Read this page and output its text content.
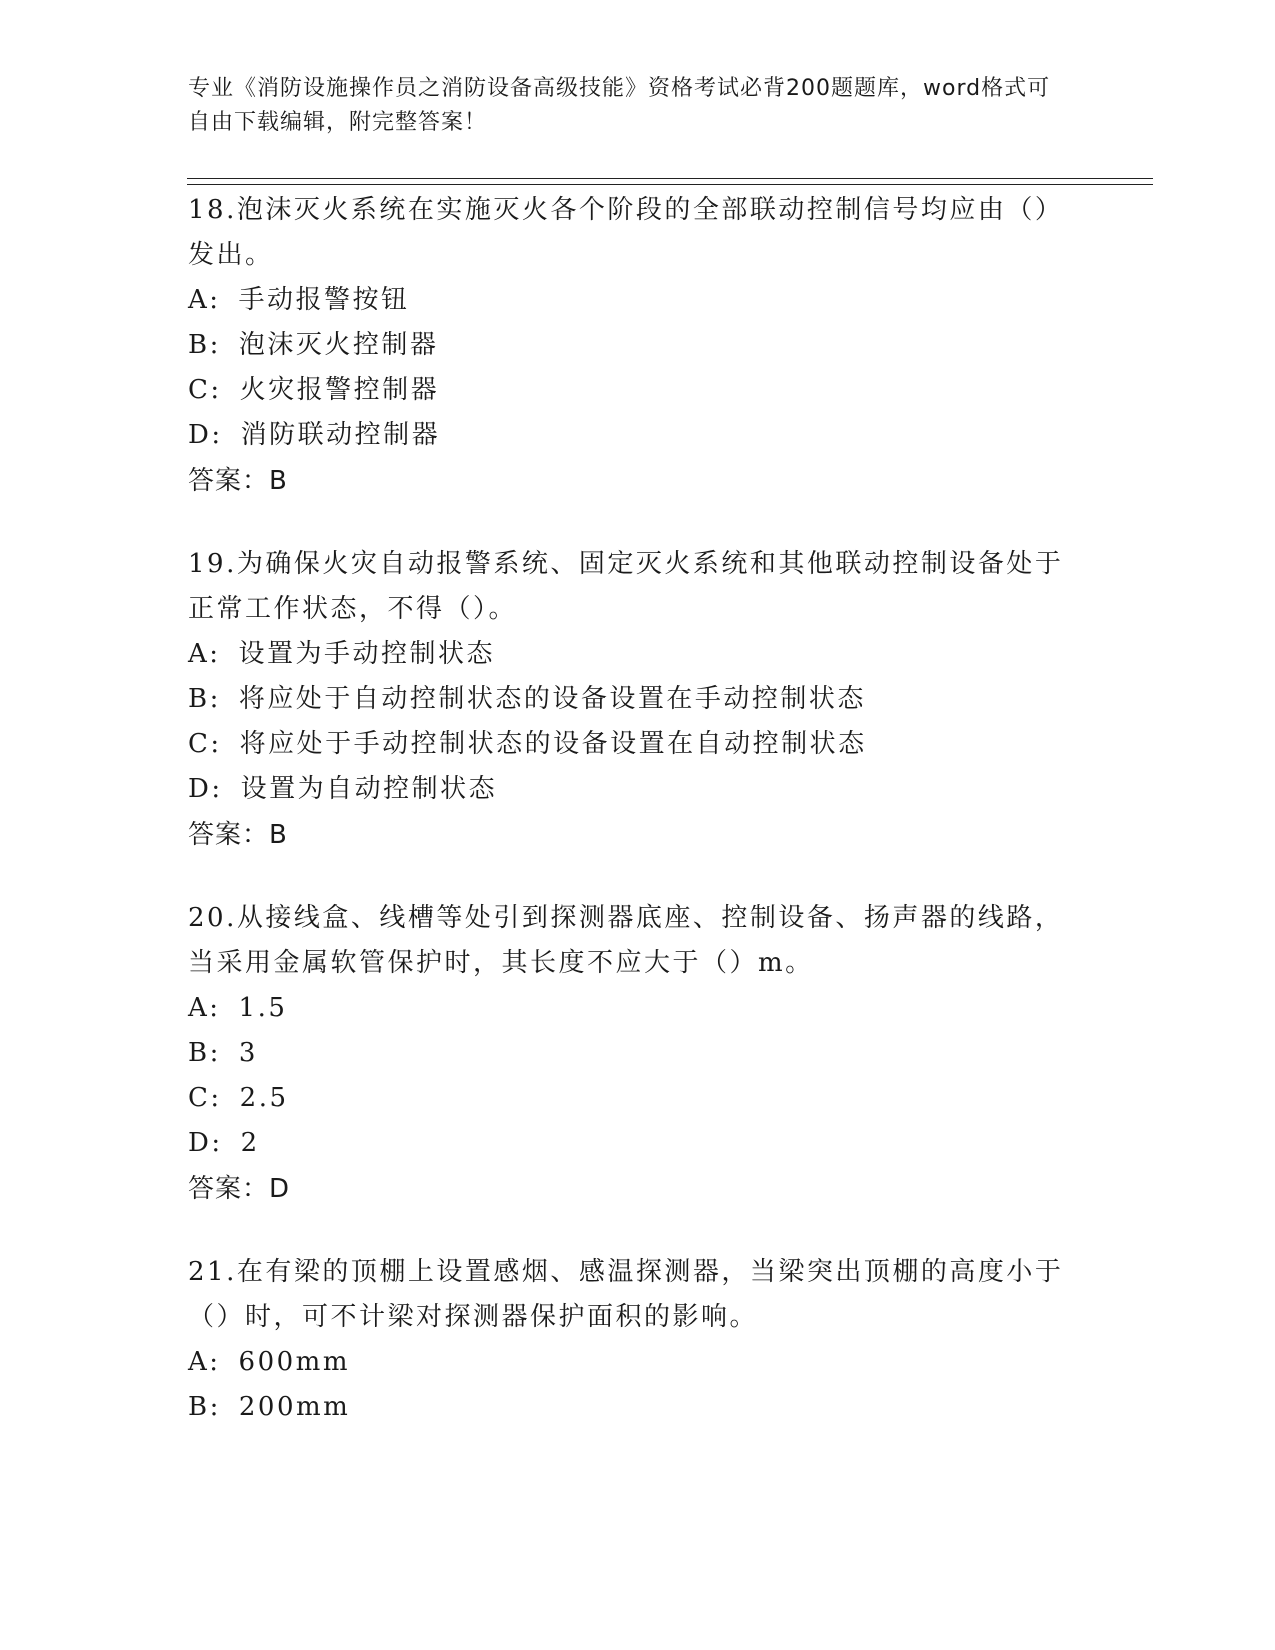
专业《消防设施操作员之消防设备高级技能》资格考试必背200题题库，word格式可自由下载编辑，附完整答案！

18.泡沫灭火系统在实施灭火各个阶段的全部联动控制信号均应由（）发出。

A: 手动报警按钮
B: 泡沫灭火控制器
C: 火灾报警控制器
D: 消防联动控制器
答案：B

19.为确保火灾自动报警系统、固定灭火系统和其他联动控制设备处于正常工作状态，不得（）。

A: 设置为手动控制状态
B: 将应处于自动控制状态的设备设置在手动控制状态
C: 将应处于手动控制状态的设备设置在自动控制状态
D: 设置为自动控制状态
答案：B

20.从接线盒、线槽等处引到探测器底座、控制设备、扬声器的线路，当采用金属软管保护时，其长度不应大于（）m。

A: 1.5
B: 3
C: 2.5
D: 2
答案：D

21.在有梁的顶棚上设置感烟、感温探测器，当梁突出顶棚的高度小于（）时，可不计梁对探测器保护面积的影响。

A: 600mm
B: 200mm
